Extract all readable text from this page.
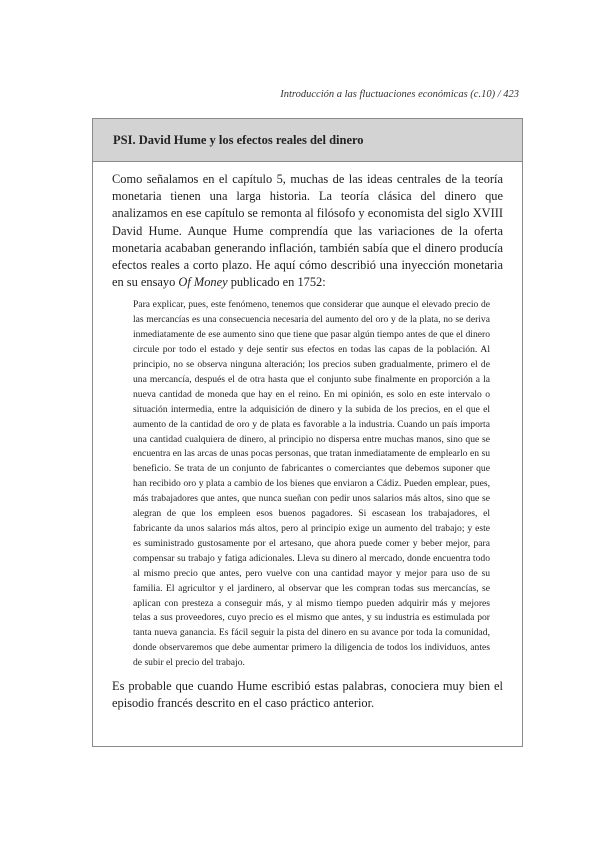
Introducción a las fluctuaciones económicas (c.10) / 423
PSI. David Hume y los efectos reales del dinero

Como señalamos en el capítulo 5, muchas de las ideas centrales de la teoría monetaria tienen una larga historia. La teoría clásica del dinero que analizamos en ese capítulo se remonta al filósofo y economista del siglo XVIII David Hume. Aunque Hume comprendía que las variaciones de la oferta monetaria acababan generando inflación, también sabía que el dinero producía efectos reales a corto plazo. He aquí cómo describió una inyección monetaria en su ensayo Of Money publicado en 1752:

Para explicar, pues, este fenómeno, tenemos que considerar que aunque el elevado precio de las mercancías es una consecuencia necesaria del aumento del oro y de la plata, no se deriva inmediatamente de ese aumento sino que tiene que pasar algún tiempo antes de que el dinero circule por todo el estado y deje sentir sus efectos en todas las capas de la población. Al principio, no se observa ninguna alteración; los precios suben gradualmente, primero el de una mercancía, después el de otra hasta que el conjunto sube finalmente en proporción a la nueva cantidad de moneda que hay en el reino. En mi opinión, es solo en este intervalo o situación intermedia, entre la adquisición de dinero y la subida de los precios, en el que el aumento de la cantidad de oro y de plata es favorable a la industria. Cuando un país importa una cantidad cualquiera de dinero, al principio no dispersa entre muchas manos, sino que se encuentra en las arcas de unas pocas personas, que tratan inmediatamente de emplearlo en su beneficio. Se trata de un conjunto de fabricantes o comerciantes que debemos suponer que han recibido oro y plata a cambio de los bienes que enviaron a Cádiz. Pueden emplear, pues, más trabajadores que antes, que nunca sueñan con pedir unos salarios más altos, sino que se alegran de que los empleen esos buenos pagadores. Si escasean los trabajadores, el fabricante da unos salarios más altos, pero al principio exige un aumento del trabajo; y este es suministrado gustosamente por el artesano, que ahora puede comer y beber mejor, para compensar su trabajo y fatiga adicionales. Lleva su dinero al mercado, donde encuentra todo al mismo precio que antes, pero vuelve con una cantidad mayor y mejor para uso de su familia. El agricultor y el jardinero, al observar que les compran todas sus mercancías, se aplican con presteza a conseguir más, y al mismo tiempo pueden adquirir más y mejores telas a sus proveedores, cuyo precio es el mismo que antes, y su industria es estimulada por tanta nueva ganancia. Es fácil seguir la pista del dinero en su avance por toda la comunidad, donde observaremos que debe aumentar primero la diligencia de todos los individuos, antes de subir el precio del trabajo.

Es probable que cuando Hume escribió estas palabras, conociera muy bien el episodio francés descrito en el caso práctico anterior.
